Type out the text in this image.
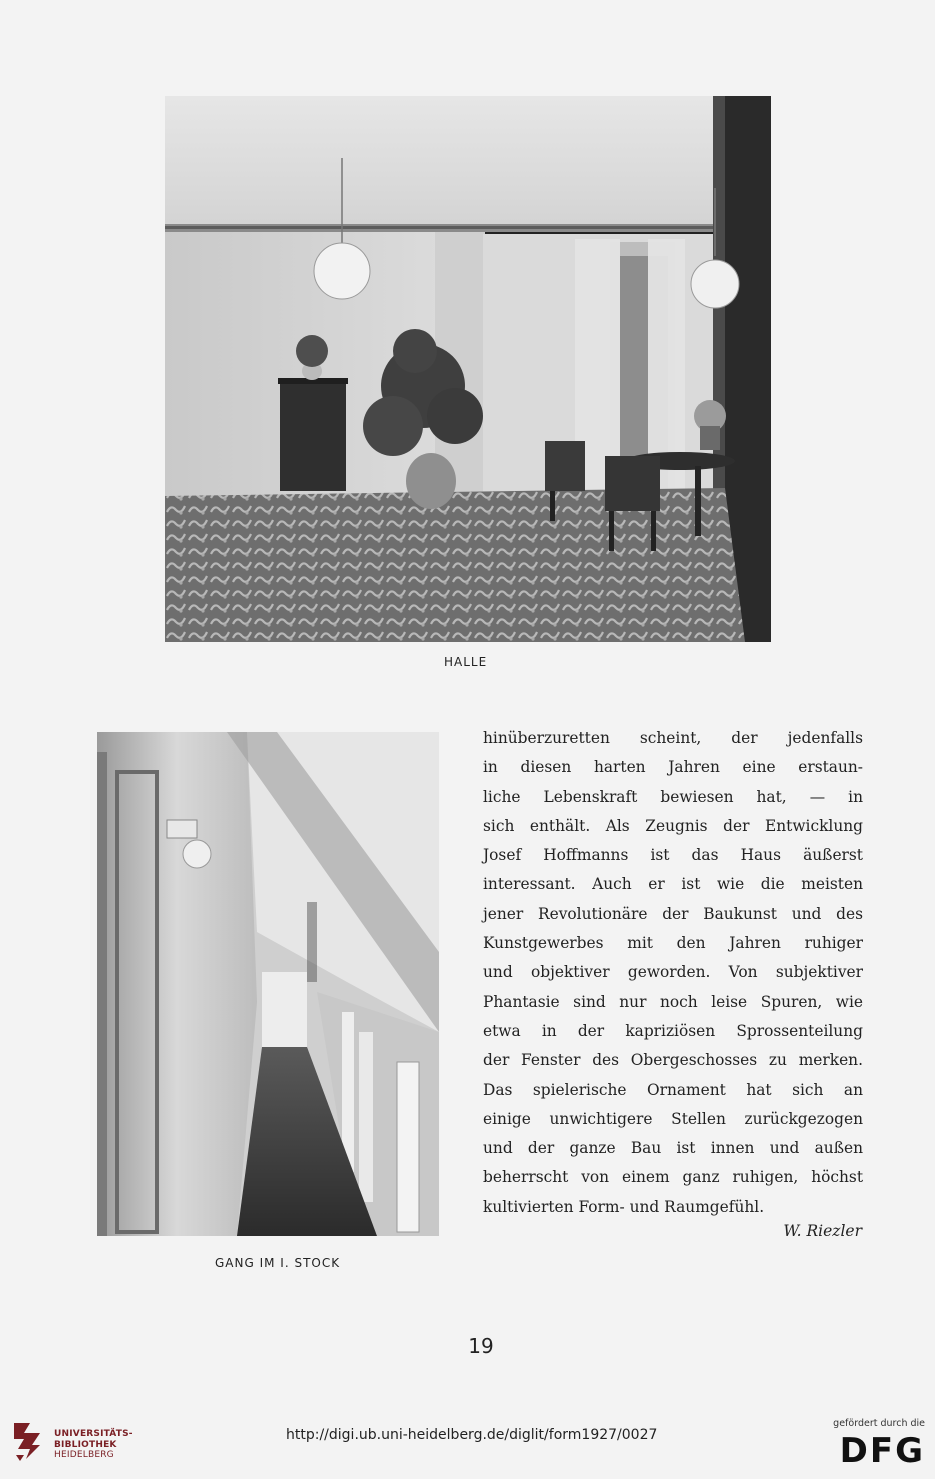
HALLE
GANG IM I. STOCK
hinüberzuretten scheint, der jedenfalls
in diesen harten Jahren eine erstaun-
liche Lebenskraft bewiesen hat, — in
sich enthält. Als Zeugnis der Entwicklung
Josef Hoffmanns ist das Haus äußerst
interessant. Auch er ist wie die meisten
jener Revolutionäre der Baukunst und des
Kunstgewerbes mit den Jahren ruhiger
und objektiver geworden. Von subjektiver
Phantasie sind nur noch leise Spuren, wie
etwa in der kapriziösen Sprossenteilung
der Fenster des Obergeschosses zu merken.
Das spielerische Ornament hat sich an
einige unwichtigere Stellen zurückgezogen
und der ganze Bau ist innen und außen
beherrscht von einem ganz ruhigen, höchst
kultivierten Form- und Raumgefühl.
W. Riezler
19
UNIVERSITÄTS-
BIBLIOTHEK
HEIDELBERG
http://digi.ub.uni-heidelberg.de/diglit/form1927/0027
gefördert durch die
DFG
